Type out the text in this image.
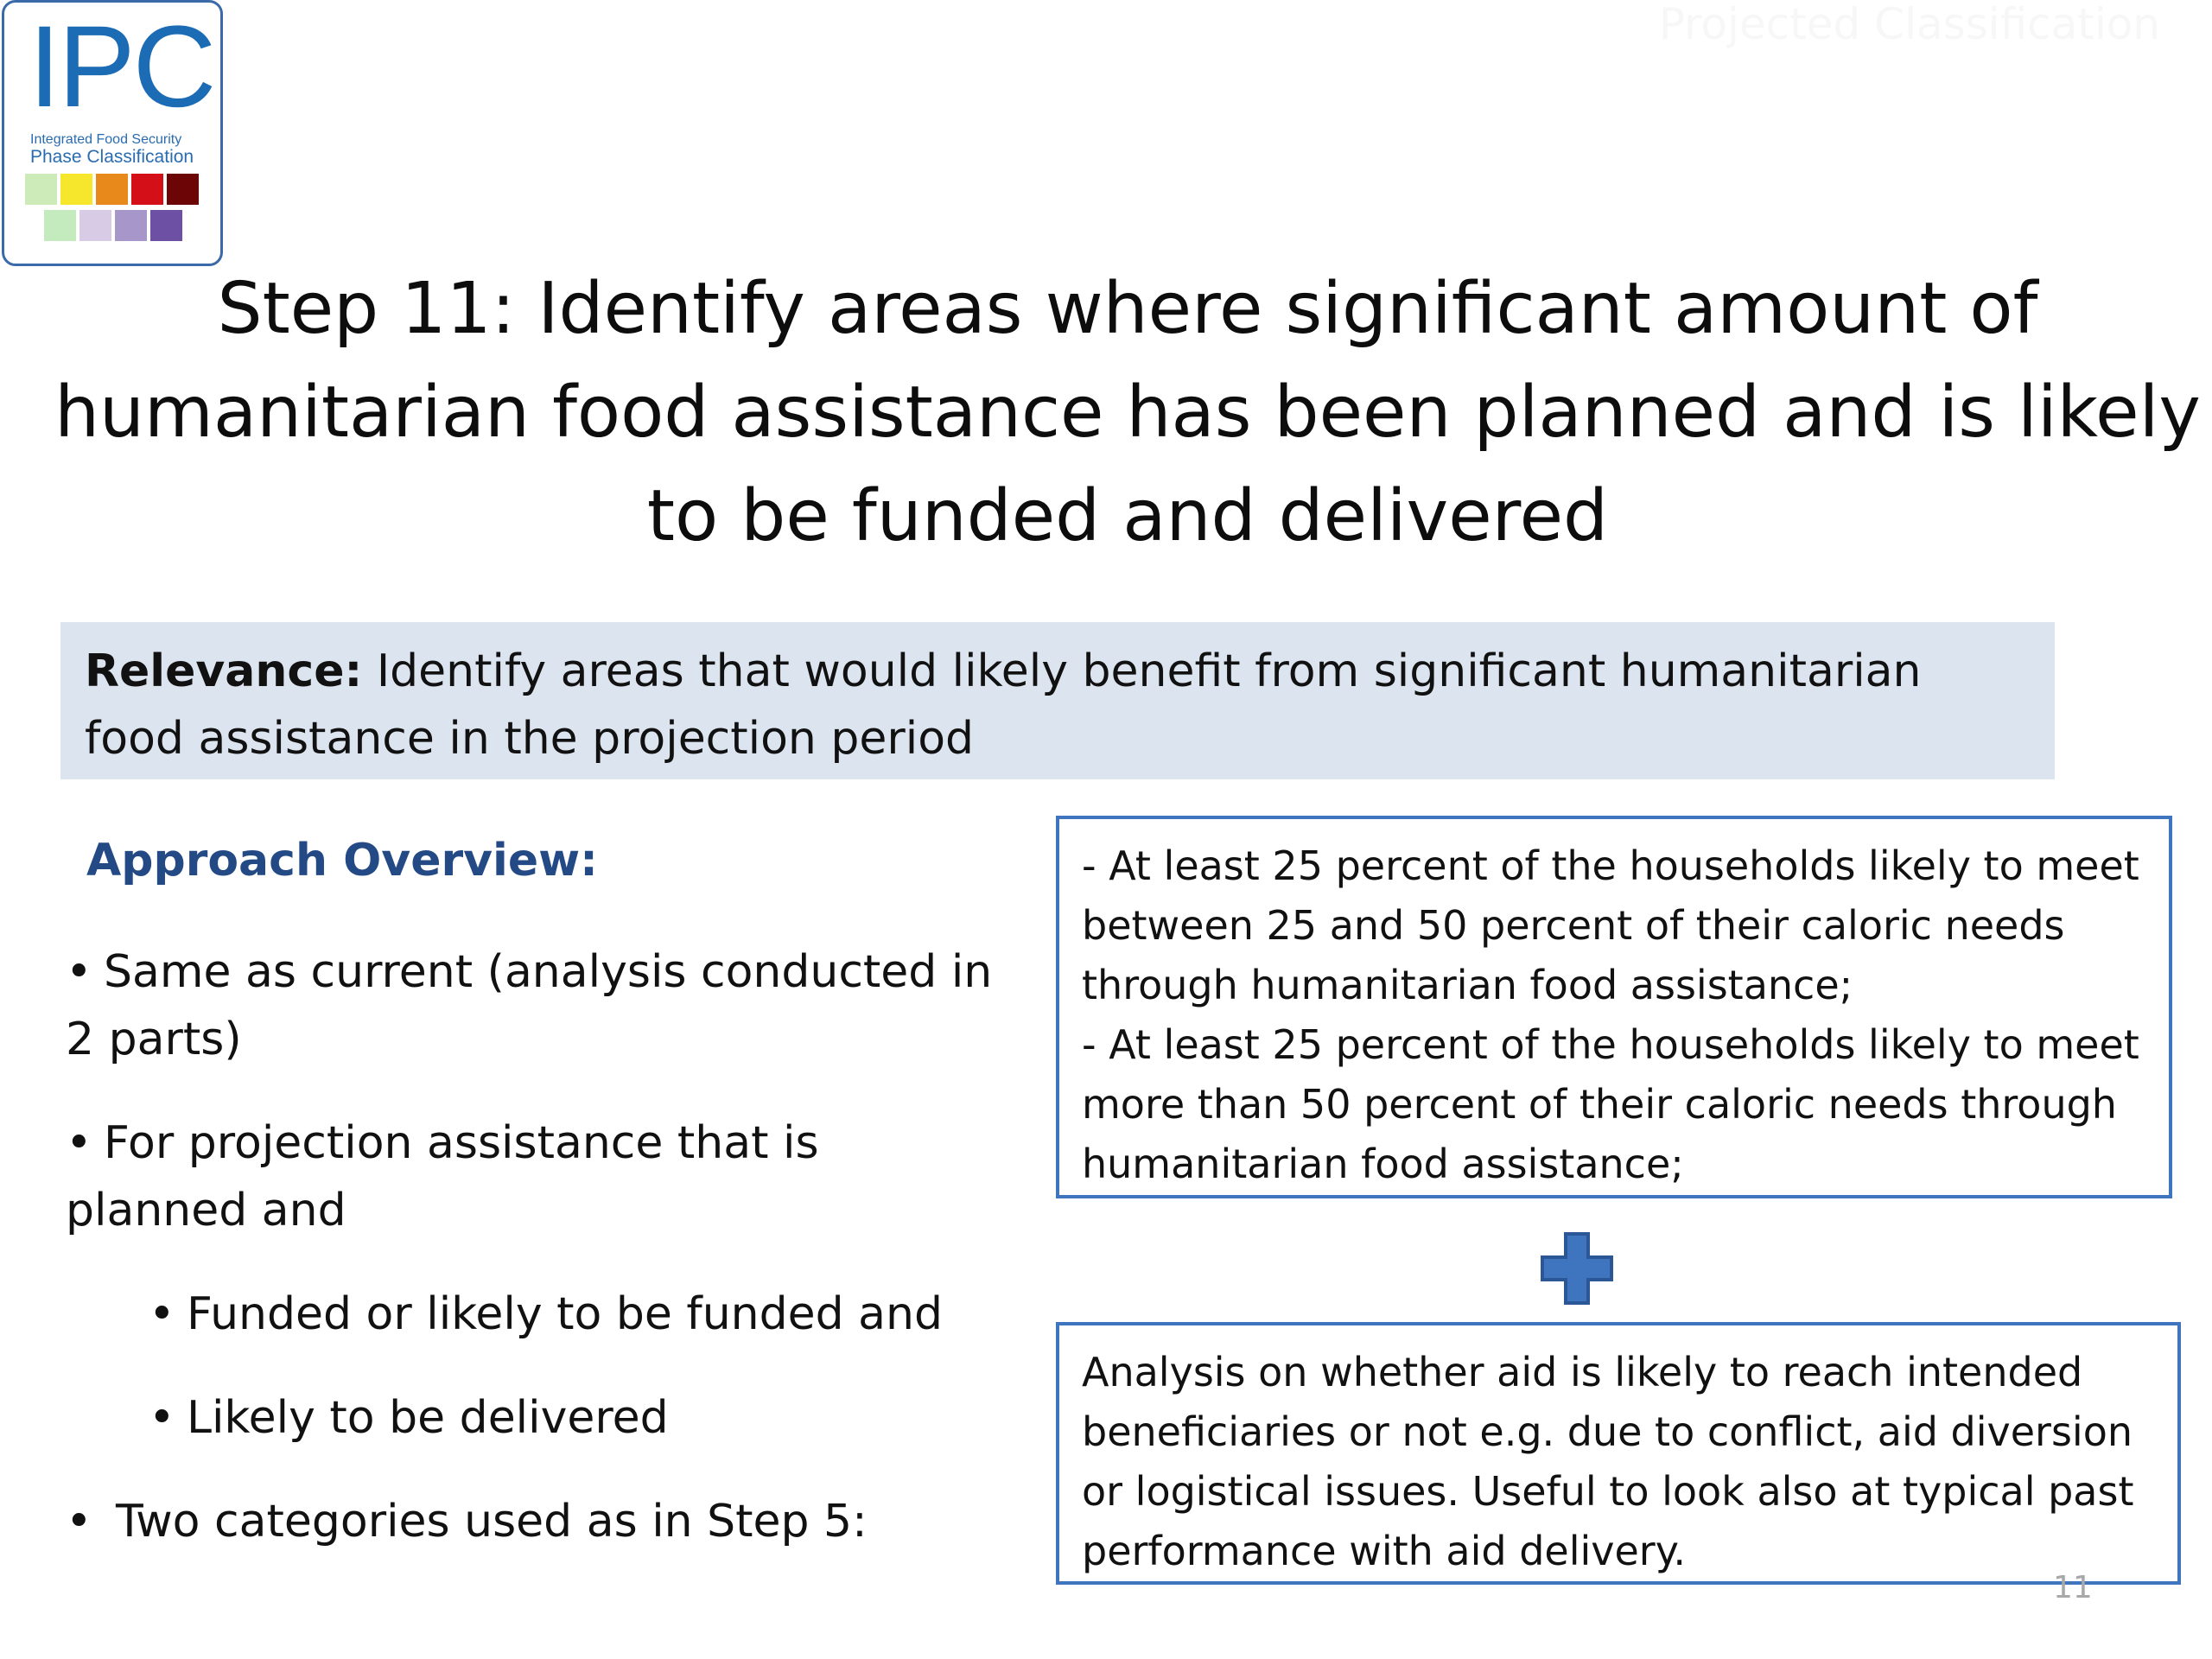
IPC
Integrated Food Security
Phase Classification
Projected Classification
Step 11: Identify areas where significant amount of
humanitarian food assistance has been planned and is likely
to be funded and delivered
Relevance: Identify areas that would likely benefit from significant humanitarian food assistance in the projection period
Approach Overview:
• Same as current (analysis conducted in 2 parts)
• For projection assistance that is planned and
• Funded or likely to be funded and
• Likely to be delivered
• Two categories used as in Step 5:

- At least 25 percent of the households likely to meet between 25 and 50 percent of their caloric needs through humanitarian food assistance;

- At least 25 percent of the households likely to meet more than 50 percent of their caloric needs through humanitarian food assistance;

Analysis on whether aid is likely to reach intended beneficiaries or not e.g. due to conflict, aid diversion or logistical issues. Useful to look also at typical past performance with aid delivery.

11
